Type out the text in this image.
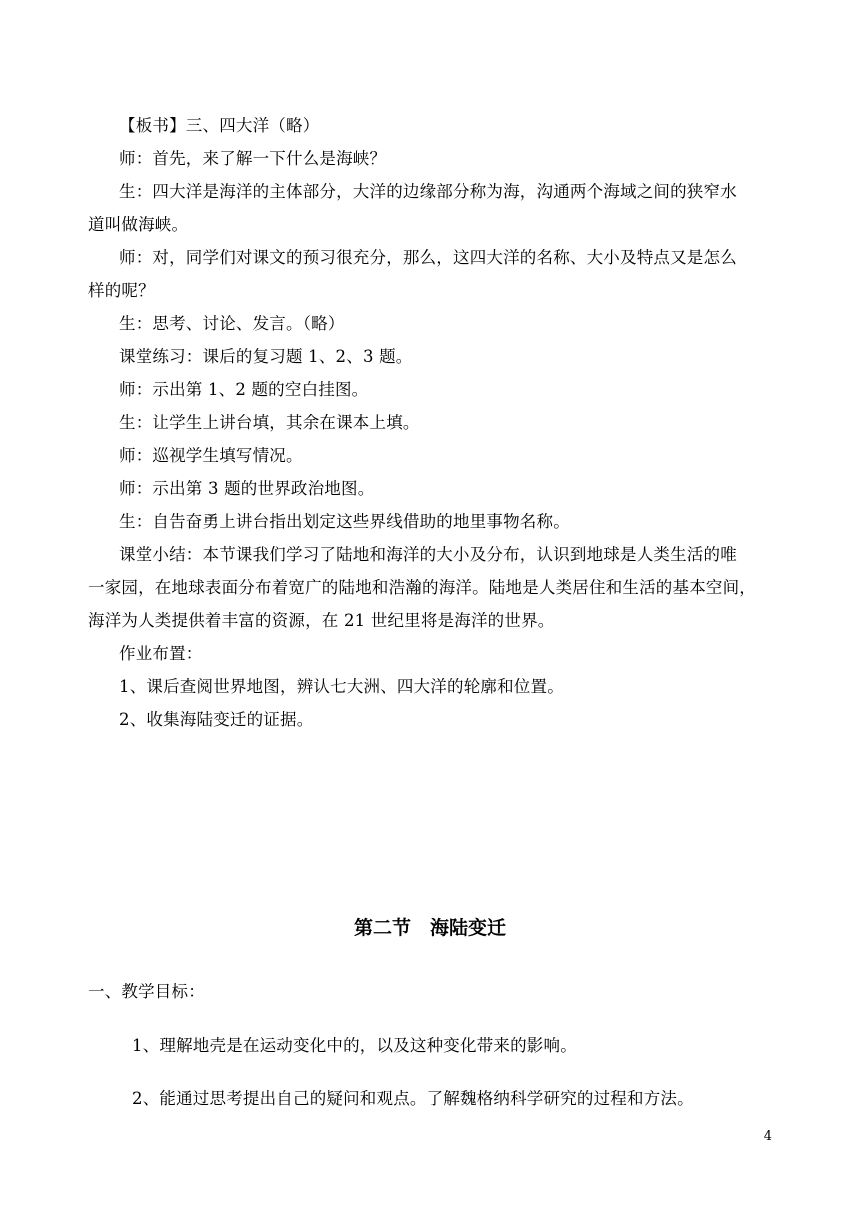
【板书】三、四大洋（略）
师：首先，来了解一下什么是海峡？
生：四大洋是海洋的主体部分，大洋的边缘部分称为海，沟通两个海域之间的狭窄水
道叫做海峡。
师：对，同学们对课文的预习很充分，那么，这四大洋的名称、大小及特点又是怎么
样的呢？
生：思考、讨论、发言。（略）
课堂练习：课后的复习题 1、2、3 题。
师：示出第 1、2 题的空白挂图。
生：让学生上讲台填，其余在课本上填。
师：巡视学生填写情况。
师：示出第 3 题的世界政治地图。
生：自告奋勇上讲台指出划定这些界线借助的地里事物名称。
课堂小结：本节课我们学习了陆地和海洋的大小及分布，认识到地球是人类生活的唯
一家园，在地球表面分布着宽广的陆地和浩瀚的海洋。陆地是人类居住和生活的基本空间，
海洋为人类提供着丰富的资源，在 21 世纪里将是海洋的世界。
作业布置：
1、课后查阅世界地图，辨认七大洲、四大洋的轮廓和位置。
2、收集海陆变迁的证据。
第二节　海陆变迁
一、教学目标：
1、理解地壳是在运动变化中的，以及这种变化带来的影响。
2、能通过思考提出自己的疑问和观点。了解魏格纳科学研究的过程和方法。
4
